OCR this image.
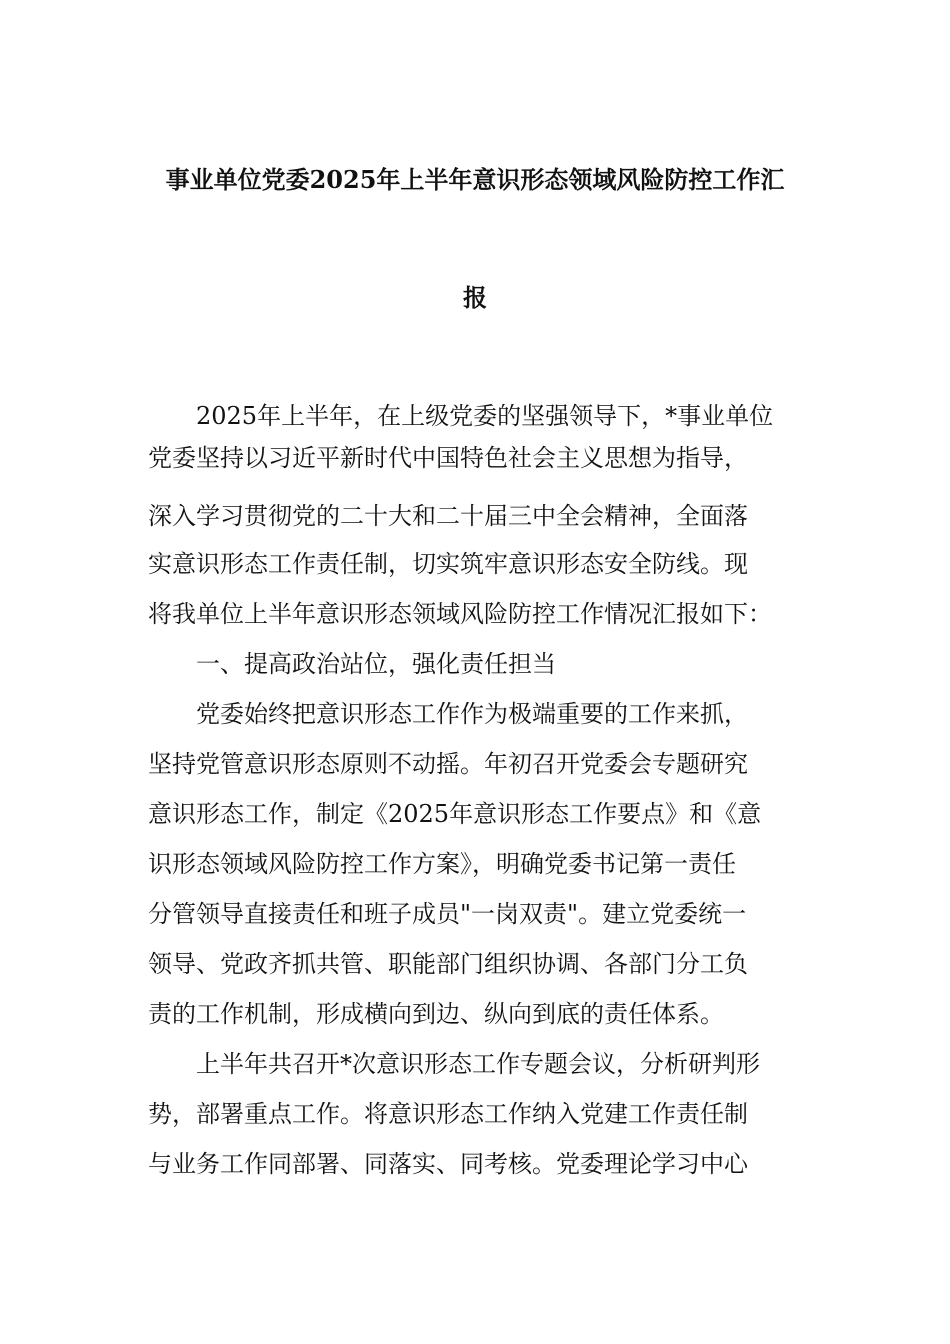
事业单位党委2025年上半年意识形态领域风险防控工作汇
报
2025年上半年，在上级党委的坚强领导下，*事业单位
党委坚持以习近平新时代中国特色社会主义思想为指导，
深入学习贯彻党的二十大和二十届三中全会精神，全面落
实意识形态工作责任制，切实筑牢意识形态安全防线。现
将我单位上半年意识形态领域风险防控工作情况汇报如下：
一、提高政治站位，强化责任担当
党委始终把意识形态工作作为极端重要的工作来抓，
坚持党管意识形态原则不动摇。年初召开党委会专题研究
意识形态工作，制定《2025年意识形态工作要点》和《意
识形态领域风险防控工作方案》，明确党委书记第一责任
分管领导直接责任和班子成员"一岗双责"。建立党委统一
领导、党政齐抓共管、职能部门组织协调、各部门分工负
责的工作机制，形成横向到边、纵向到底的责任体系。
上半年共召开*次意识形态工作专题会议，分析研判形
势，部署重点工作。将意识形态工作纳入党建工作责任制
与业务工作同部署、同落实、同考核。党委理论学习中心
